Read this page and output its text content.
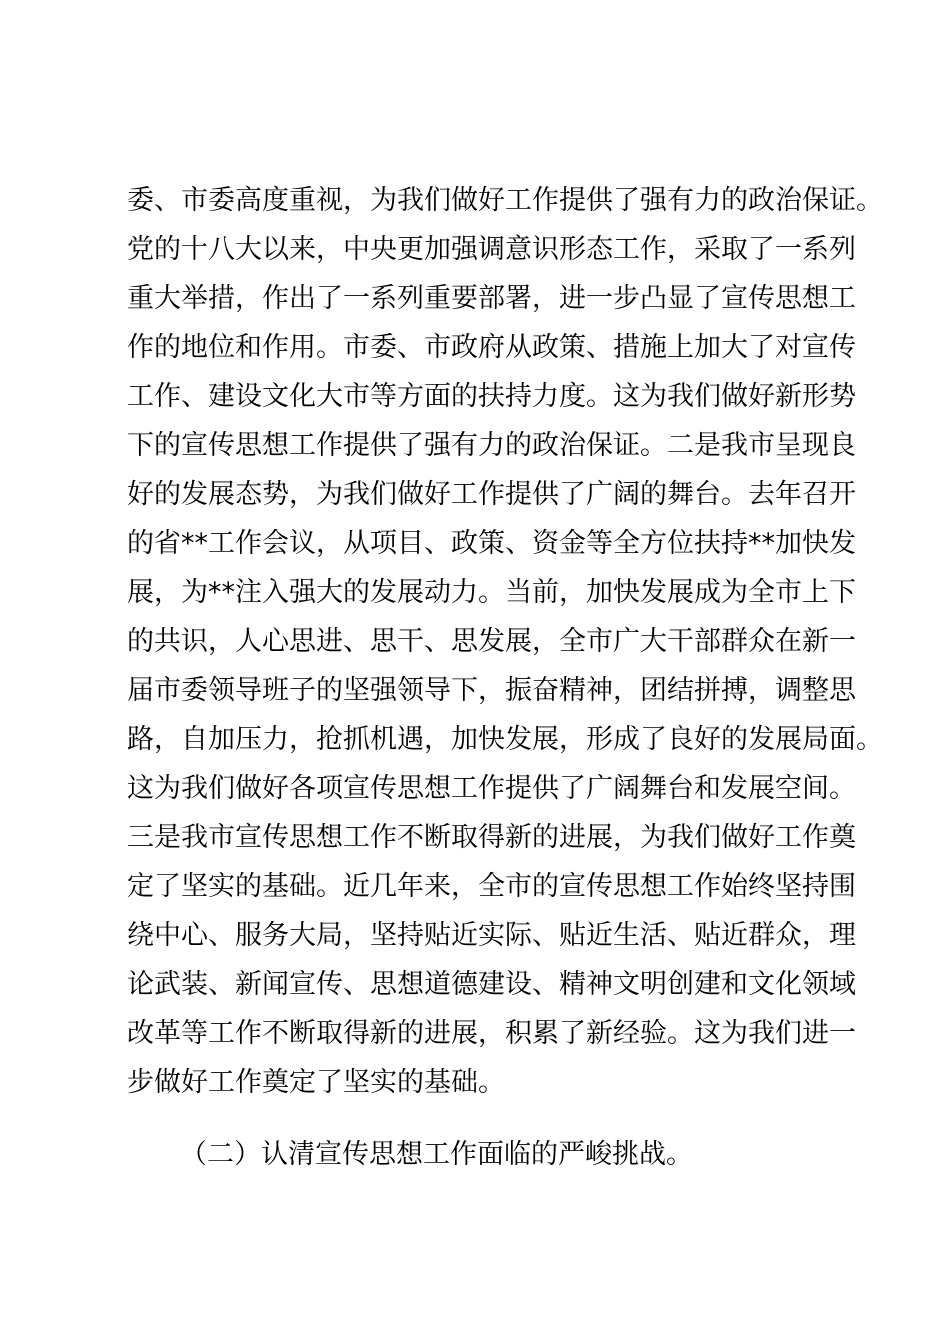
委、市委高度重视，为我们做好工作提供了强有力的政治保证。
党的十八大以来，中央更加强调意识形态工作，采取了一系列
重大举措，作出了一系列重要部署，进一步凸显了宣传思想工
作的地位和作用。市委、市政府从政策、措施上加大了对宣传
工作、建设文化大市等方面的扶持力度。这为我们做好新形势
下的宣传思想工作提供了强有力的政治保证。二是我市呈现良
好的发展态势，为我们做好工作提供了广阔的舞台。去年召开
的省**工作会议，从项目、政策、资金等全方位扶持**加快发
展，为**注入强大的发展动力。当前，加快发展成为全市上下
的共识，人心思进、思干、思发展，全市广大干部群众在新一
届市委领导班子的坚强领导下，振奋精神，团结拼搏，调整思
路，自加压力，抢抓机遇，加快发展，形成了良好的发展局面。
这为我们做好各项宣传思想工作提供了广阔舞台和发展空间。
三是我市宣传思想工作不断取得新的进展，为我们做好工作奠
定了坚实的基础。近几年来，全市的宣传思想工作始终坚持围
绕中心、服务大局，坚持贴近实际、贴近生活、贴近群众，理
论武装、新闻宣传、思想道德建设、精神文明创建和文化领域
改革等工作不断取得新的进展，积累了新经验。这为我们进一
步做好工作奠定了坚实的基础。
（二）认清宣传思想工作面临的严峻挑战。
